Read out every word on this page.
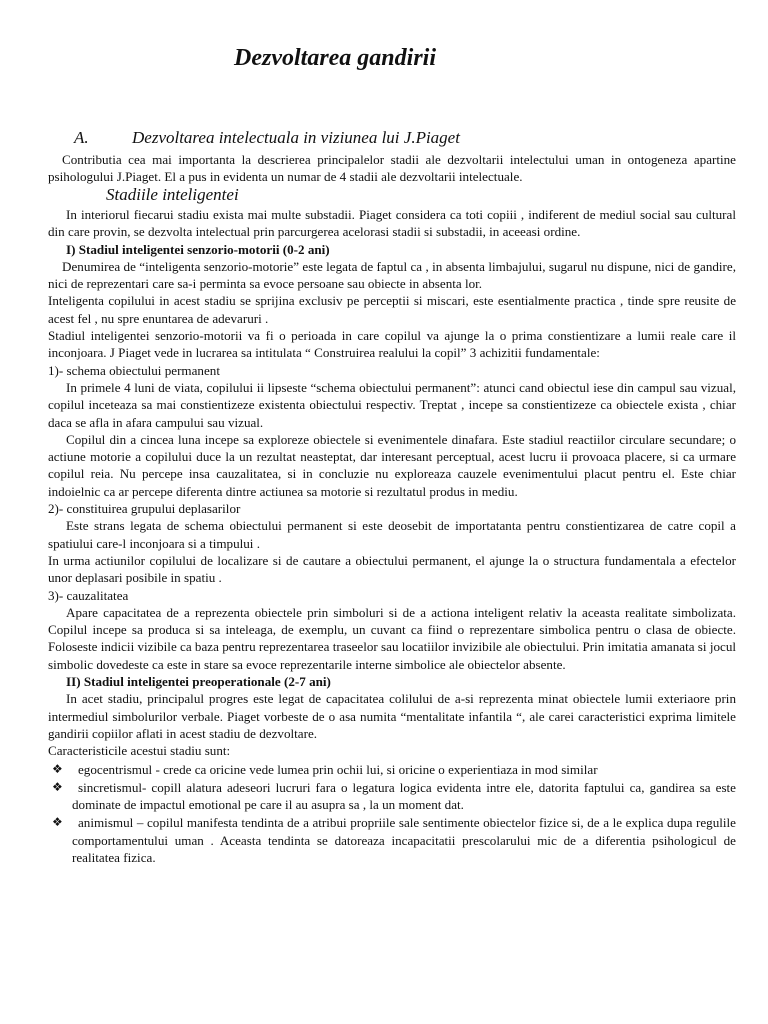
Dezvoltarea gandirii
A.	Dezvoltarea intelectuala in viziunea lui J.Piaget

Contributia cea mai importanta la descrierea principalelor stadii ale dezvoltarii intelectului uman in ontogeneza apartine psihologului J.Piaget. El a pus in evidenta un numar de 4 stadii ale dezvoltarii intelectuale.

Stadiile inteligentei

In interiorul fiecarui stadiu exista mai multe substadii. Piaget considera ca toti copiii , indiferent de mediul social sau cultural din care provin, se dezvolta intelectual prin parcurgerea acelorasi stadii si substadii, in aceeasi ordine.

I) Stadiul inteligentei senzorio-motorii (0-2 ani)

Denumirea de “inteligenta senzorio-motorie” este legata de faptul ca , in absenta limbajului, sugarul nu dispune, nici de gandire, nici de reprezentari care sa-i perminta sa evoce persoane sau obiecte in absenta lor.

Inteligenta copilului in acest stadiu se sprijina exclusiv pe perceptii si miscari, este esentialmente practica , tinde spre reusite de acest fel , nu spre enuntarea de adevaruri .

Stadiul inteligentei senzorio-motorii va fi o perioada in care copilul va ajunge la o prima constientizare a lumii reale care il inconjoara. J Piaget vede in lucrarea sa intitulata “ Construirea realului la copil” 3 achizitii fundamentale:

1)- schema obiectului permanent

In primele 4 luni de viata, copilului ii lipseste “schema obiectului permanent”: atunci cand obiectul iese din campul sau vizual, copilul inceteaza sa mai constientizeze existenta obiectului respectiv. Treptat , incepe sa constientizeze ca obiectele exista , chiar daca se afla in afara campului sau vizual.

Copilul din a cincea luna incepe sa exploreze obiectele si evenimentele dinafara. Este stadiul reactiilor circulare secundare; o actiune motorie a copilului duce la un rezultat neasteptat, dar interesant perceptual, acest lucru ii provoaca placere, si ca urmare copilul reia. Nu percepe insa cauzalitatea, si in concluzie nu exploreaza cauzele evenimentului placut pentru el. Este chiar indoielnic ca ar percepe diferenta dintre actiunea sa motorie si rezultatul produs in mediu.

2)- constituirea grupului deplasarilor

Este strans legata de schema obiectului permanent si este deosebit de importatanta pentru constientizarea de catre copil a spatiului care-l inconjoara si a timpului .

In urma actiunilor copilului de localizare si de cautare a obiectului permanent, el ajunge la o structura fundamentala a efectelor unor deplasari posibile in spatiu .

3)- cauzalitatea

Apare capacitatea de a reprezenta obiectele prin simboluri si de a actiona inteligent relativ la aceasta realitate simbolizata. Copilul incepe sa produca si sa inteleaga, de exemplu, un cuvant ca fiind o reprezentare simbolica pentru o clasa de obiecte. Foloseste indicii vizibile ca baza pentru reprezentarea traseelor sau locatiilor invizibile ale obiectului. Prin imitatia amanata si jocul simbolic dovedeste ca este in stare sa evoce reprezentarile interne simbolice ale obiectelor absente.

II) Stadiul inteligentei preoperationale (2-7 ani)

In acet stadiu, principalul progres este legat de capacitatea colilului de a-si reprezenta minat obiectele lumii exteriaore prin intermediul simbolurilor verbale. Piaget vorbeste de o asa numita “mentalitate infantila “, ale carei caracteristici exprima limitele gandirii copiilor aflati in acest stadiu de dezvoltare.

Caracteristicile acestui stadiu sunt:

❖ egocentrismul - crede ca oricine vede lumea prin ochii lui, si oricine o experientiaza in mod similar
❖ sincretismul- copill alatura adeseori lucruri fara o legatura logica evidenta intre ele, datorita faptului ca, gandirea sa este dominate de impactul emotional pe care il au asupra sa , la un moment dat.
❖ animismul – copilul manifesta tendinta de a atribui propriile sale sentimente obiectelor fizice si, de a le explica dupa regulile comportamentului uman . Aceasta tendinta se datoreaza incapacitatii prescolarului mic de a diferentia psihologicul de realitatea fizica.
